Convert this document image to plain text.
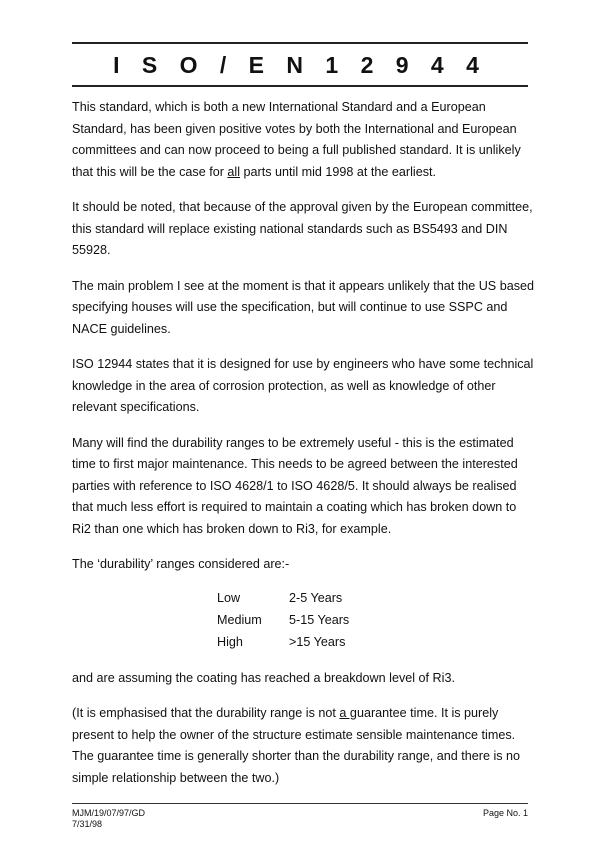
I S O / E N 1 2 9 4 4

This standard, which is both a new International Standard and a European Standard, has been given positive votes by both the International and European committees and can now proceed to being a full published standard. It is unlikely that this will be the case for all parts until mid 1998 at the earliest.

It should be noted, that because of the approval given by the European committee, this standard will replace existing national standards such as BS5493 and DIN 55928.

The main problem I see at the moment is that it appears unlikely that the US based specifying houses will use the specification, but will continue to use SSPC and NACE guidelines.

ISO 12944 states that it is designed for use by engineers who have some technical knowledge in the area of corrosion protection, as well as knowledge of other relevant specifications.

Many will find the durability ranges to be extremely useful - this is the estimated time to first major maintenance. This needs to be agreed between the interested parties with reference to ISO 4628/1 to ISO 4628/5. It should always be realised that much less effort is required to maintain a coating which has broken down to Ri2 than one which has broken down to Ri3, for example.

The ‘durability’ ranges considered are:-

Low	2-5 Years
Medium	5-15 Years
High	>15 Years

and are assuming the coating has reached a breakdown level of Ri3.

(It is emphasised that the durability range is not a guarantee time. It is purely present to help the owner of the structure estimate sensible maintenance times. The guarantee time is generally shorter than the durability range, and there is no simple relationship between the two.)

MJM/19/07/97/GD
7/31/98
Page No. 1
